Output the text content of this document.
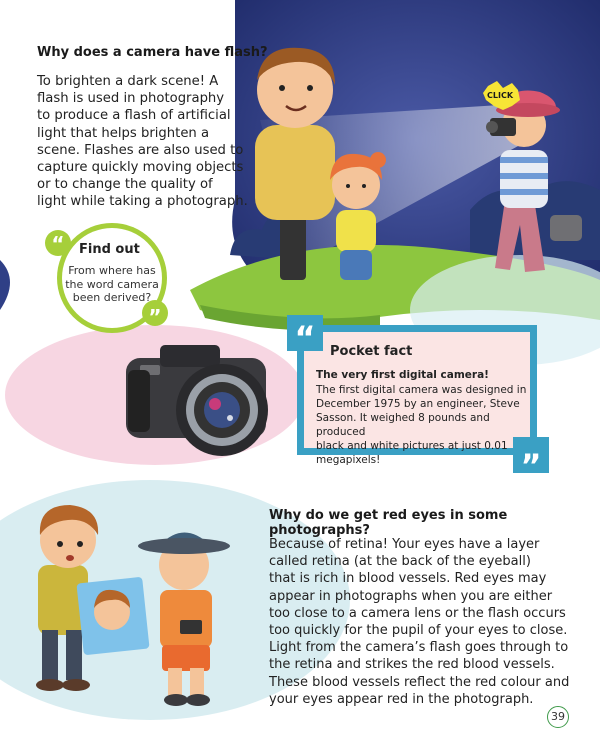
“
”
Why does a camera have flash?
To brighten a dark scene! A
flash is used in photography
to produce a flash of artificial
light that helps brighten a
scene. Flashes are also used to
capture quickly moving objects
or to change the quality of
light while taking a photograph.
CLICK
Find out
From where has
the word camera
been derived?
“
”
Pocket fact
The very first digital camera!
The first digital camera was designed in
December 1975 by an engineer, Steve
Sasson. It weighed 8 pounds and produced
black and white pictures at just 0.01
megapixels!
Why do we get red eyes in some photographs?
Because of retina! Your eyes have a layer
called retina (at the back of the eyeball)
that is rich in blood vessels. Red eyes may
appear in photographs when you are either
too close to a camera lens or the flash occurs
too quickly for the pupil of your eyes to close.
Light from the camera’s flash goes through to
the retina and strikes the red blood vessels.
These blood vessels reflect the red colour and
your eyes appear red in the photograph.
39
